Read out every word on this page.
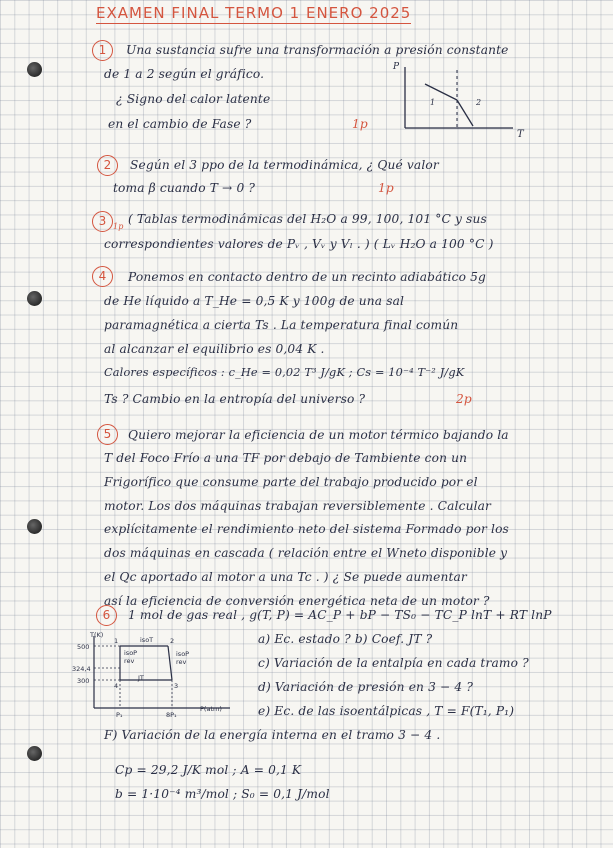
EXAMEN FINAL TERMO 1 ENERO 2025
1	Una sustancia sufre una transformación a presión constante
de 1 a 2 según el gráfico.
¿ Signo del calor latente
en el cambio de Fase ?	1p
P
T
1	2
2	Según el 3 ppo de la termodinámica, ¿ Qué valor
toma β cuando T → 0 ?	1p
3 1p
( Tablas termodinámicas del H₂O a 99, 100, 101 °C y sus
correspondientes valores de Pᵥ , Vᵥ y Vₗ . ) ( Lᵥ H₂O a 100 °C )
4	Ponemos en contacto dentro de un recinto adiabático 5g
de He líquido a T_He = 0,5 K y 100g de una sal
paramagnética a cierta Ts . La temperatura final común
al alcanzar el equilibrio es 0,04 K .
Calores específicos : c_He = 0,02 T³ J/gK ; Cs = 10⁻⁴ T⁻² J/gK
Ts ? Cambio en la entropía del universo ?	2p
5	Quiero mejorar la eficiencia de un motor térmico bajando la
T del Foco Frío a una TF por debajo de Tambiente con un
Frigorífico que consume parte del trabajo producido por el
motor. Los dos máquinas trabajan reversiblemente . Calcular
explícitamente el rendimiento neto del sistema Formado por los
dos máquinas en cascada ( relación entre el Wneto disponible y
el Qc aportado al motor a una Tc . ) ¿ Se puede aumentar
así la eficiencia de conversión energética neta de un motor ?
6	1 mol de gas real , g(T, P) = AC_P + bP − TS₀ − TC_P lnT + RT lnP
a) Ec. estado ? b) Coef. JT ?
c) Variación de la entalpía en cada tramo ?
d) Variación de presión en 3 − 4 ?
e) Ec. de las isoentálpicas , T = F(T₁, P₁)
F) Variación de la energía interna en el tramo 3 − 4 .
Cp = 29,2 J/K mol ; A = 0,1 K
b = 1·10⁻⁴ m³/mol ; S₀ = 0,1 J/mol
T(K)
P(atm)
500
324,4
300
P₁	8P₁
isoT
isoP rev
isoP rev
JT
1	2
3
4
